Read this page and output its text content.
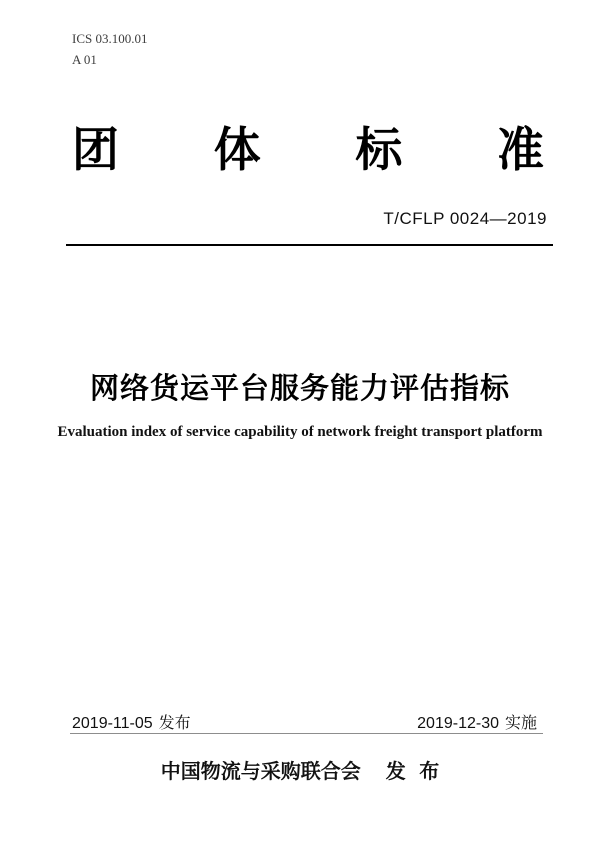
ICS 03.100.01
A 01
团 体 标 准
T/CFLP 0024—2019
网络货运平台服务能力评估指标
Evaluation index of service capability of network freight transport platform
2019-11-05 发布	2019-12-30 实施
中国物流与采购联合会 发 布
